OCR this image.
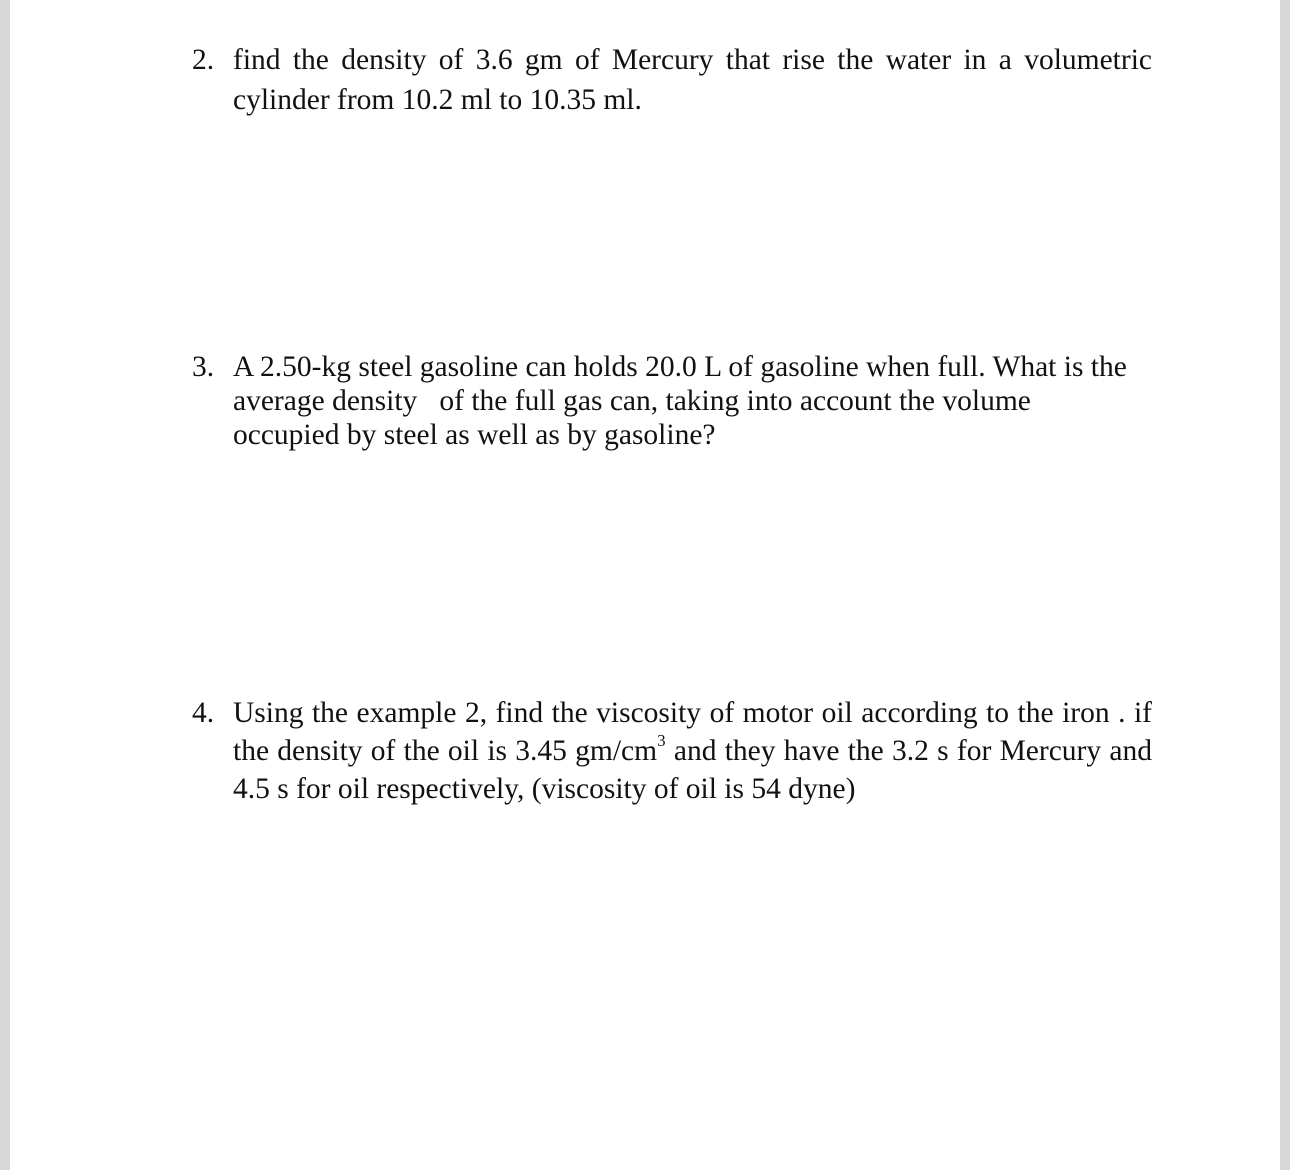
2. find the density of 3.6 gm of Mercury that rise the water in a volumetric
cylinder from 10.2 ml to 10.35 ml.
3. A 2.50-kg steel gasoline can holds 20.0 L of gasoline when full. What is the
average density   of the full gas can, taking into account the volume
occupied by steel as well as by gasoline?
4. Using the example 2, find the viscosity of motor oil according to the iron . if
the density of the oil is 3.45 $gm/cm^3$ and they have the 3.2 s for Mercury and
4.5 s for oil respectively, (viscosity of oil is 54 dyne)
